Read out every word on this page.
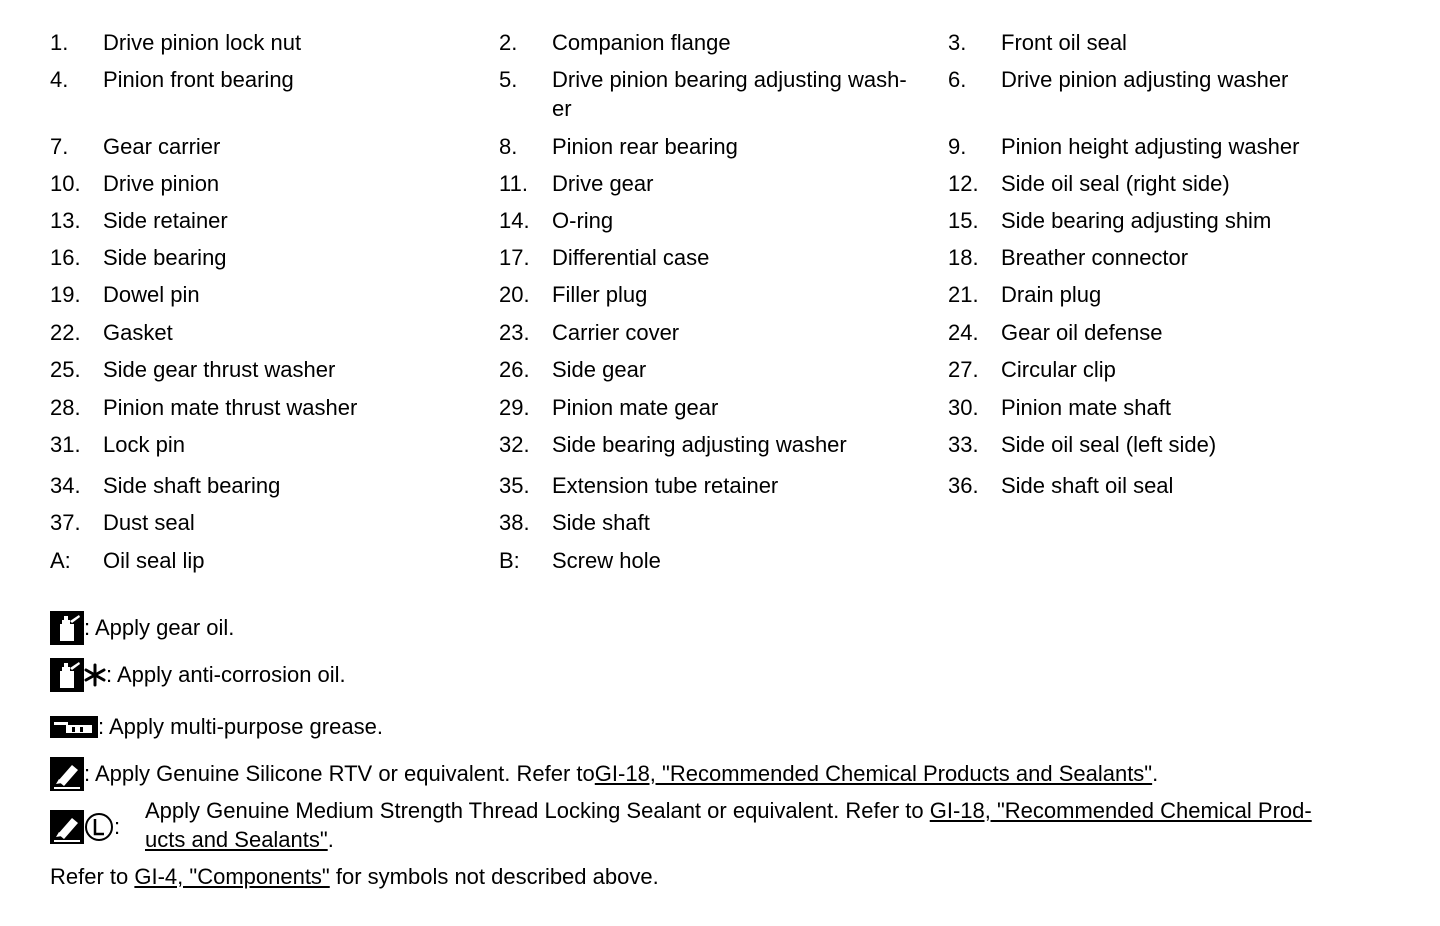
1.	Drive pinion lock nut	2.	Companion flange	3.	Front oil seal
4.	Pinion front bearing	5.	Drive pinion bearing adjusting wash-
er
6.	Drive pinion adjusting washer
7.	Gear carrier	8.	Pinion rear bearing	9.	Pinion height adjusting washer
10.	Drive pinion	11.	Drive gear	12.	Side oil seal (right side)
13.	Side retainer	14.	O-ring	15.	Side bearing adjusting shim
16.	Side bearing	17.	Differential case	18.	Breather connector
19.	Dowel pin	20.	Filler plug	21.	Drain plug
22.	Gasket	23.	Carrier cover	24.	Gear oil defense
25.	Side gear thrust washer	26.	Side gear	27.	Circular clip
28.	Pinion mate thrust washer	29.	Pinion mate gear	30.	Pinion mate shaft
31.	Lock pin	32.	Side bearing adjusting washer	33.	Side oil seal (left side)
34.	Side shaft bearing	35.	Extension tube retainer	36.	Side shaft oil seal
37.	Dust seal	38.	Side shaft
A:	Oil seal lip	B:	Screw hole
: Apply gear oil.
: Apply anti-corrosion oil.
: Apply multi-purpose grease.
: Apply Genuine Silicone RTV or equivalent. Refer to GI-18, "Recommended Chemical Products and Sealants" .
:
Apply Genuine Medium Strength Thread Locking Sealant or equivalent. Refer to GI-18, "Recommended Chemical Prod-
ucts and Sealants".
Refer to GI-4, "Components" for symbols not described above.
